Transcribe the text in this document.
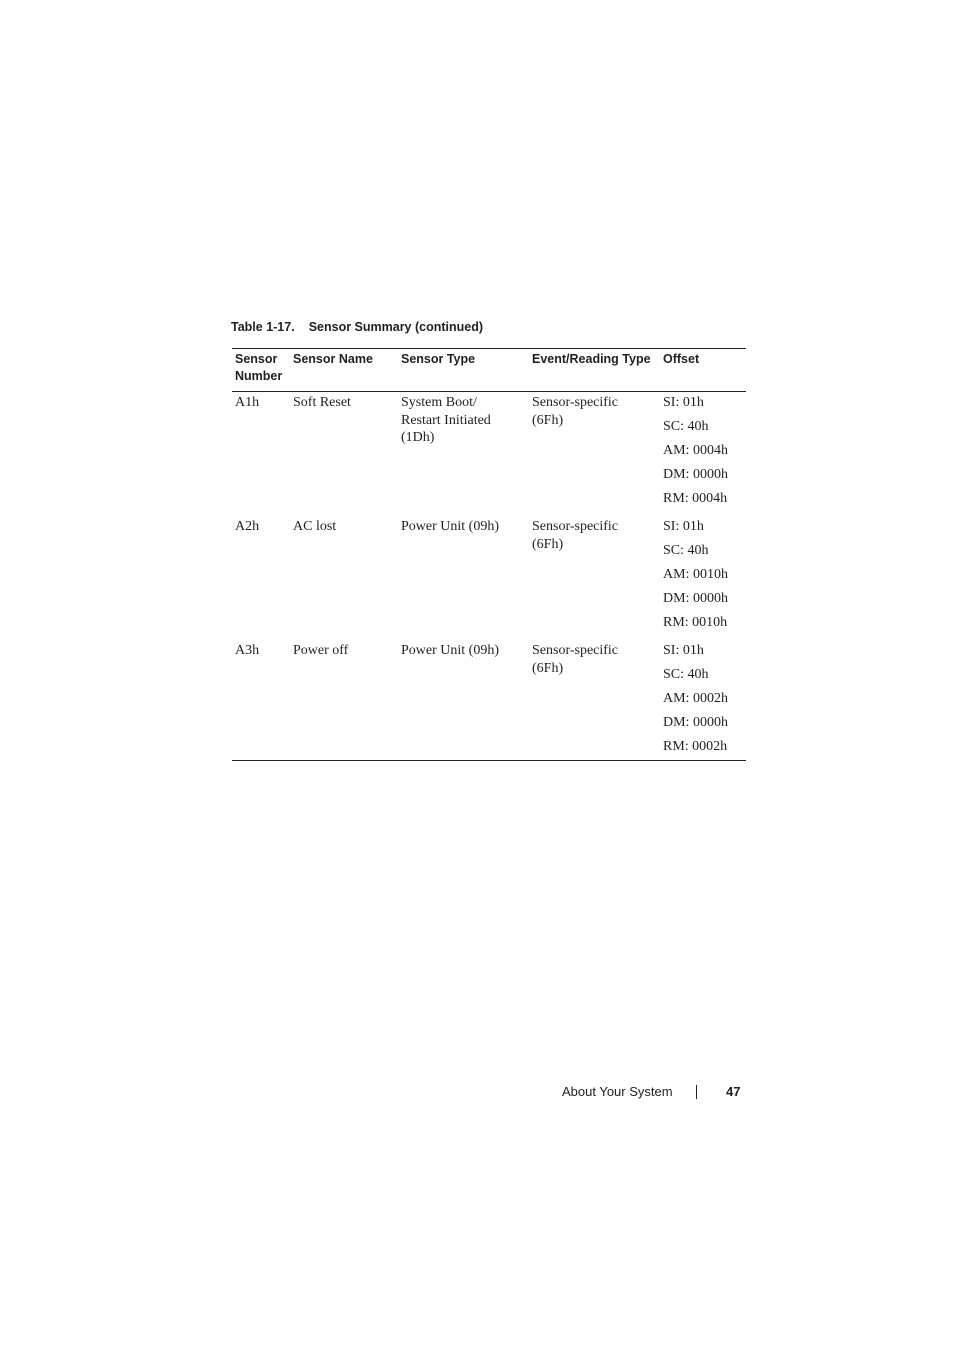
Table 1-17. Sensor Summary (continued)
Sensor
Number	Sensor Name	Sensor Type	Event/Reading Type	Offset
A1h	Soft Reset	System Boot/
Restart Initiated
(1Dh)	Sensor-specific
(6Fh)	SI: 01h
SC: 40h
AM: 0004h
DM: 0000h
RM: 0004h

A2h	AC lost	Power Unit (09h)	Sensor-specific
(6Fh)	SI: 01h
SC: 40h
AM: 0010h
DM: 0000h
RM: 0010h

A3h	Power off	Power Unit (09h)	Sensor-specific
(6Fh)	SI: 01h
SC: 40h
AM: 0002h
DM: 0000h
RM: 0002h
About Your System	47
